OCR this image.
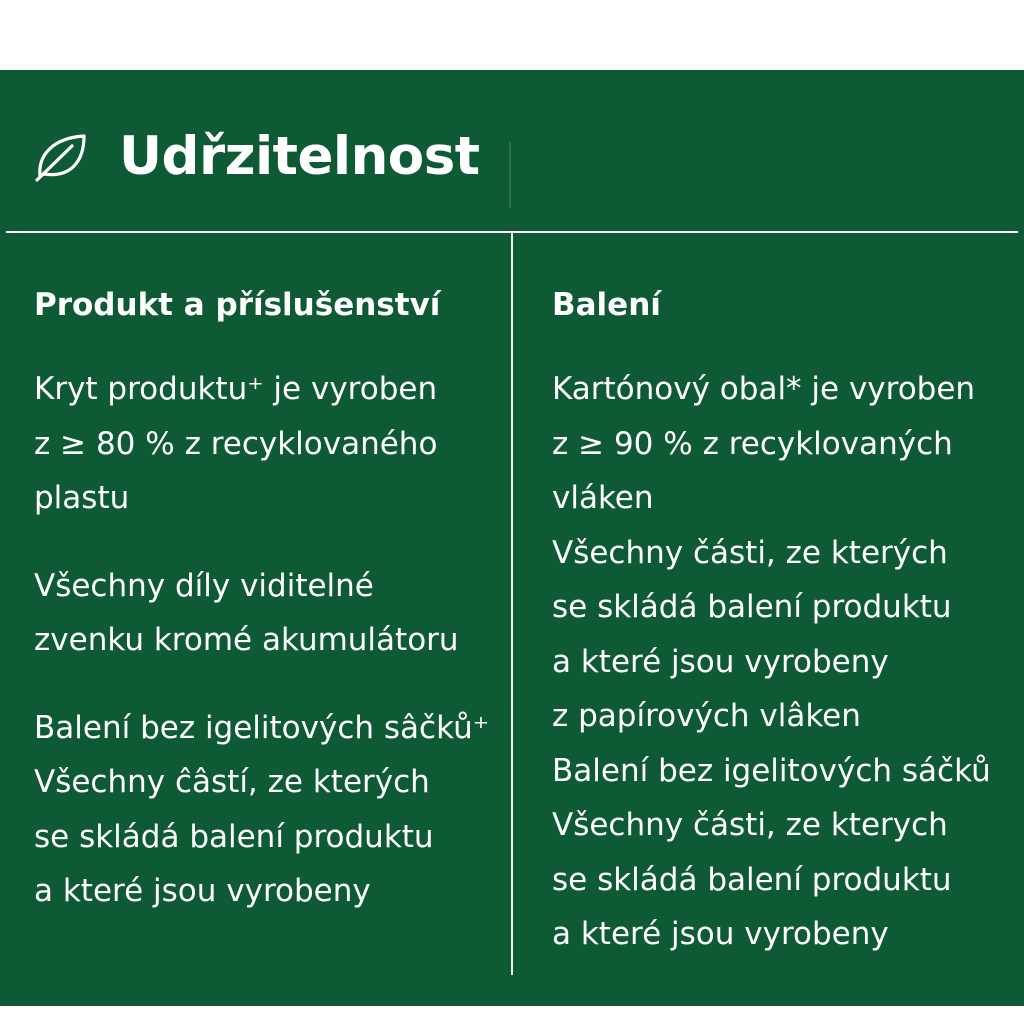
Udřzitelnost
Produkt a příslušenství
Kryt produktu⁺ je vyroben
z ≥ 80 % z recyklovaného
plastu
Všechny díly viditelné
zvenku kromé akumulátoru
Balení bez igelitových sâčků⁺
Všechny ĉâstí, ze kterých
se skládá balení produktu
a které jsou vyrobeny
Balení
Kartónový obal* je vyroben
z ≥ 90 % z recyklovaných
vláken
Všechny části, ze kterých
se skládá balení produktu
a které jsou vyrobeny
z papírových vlâken
Balení bez igelitových sáčků
Všechny části, ze kterych
se skládá balení produktu
a které jsou vyrobeny
